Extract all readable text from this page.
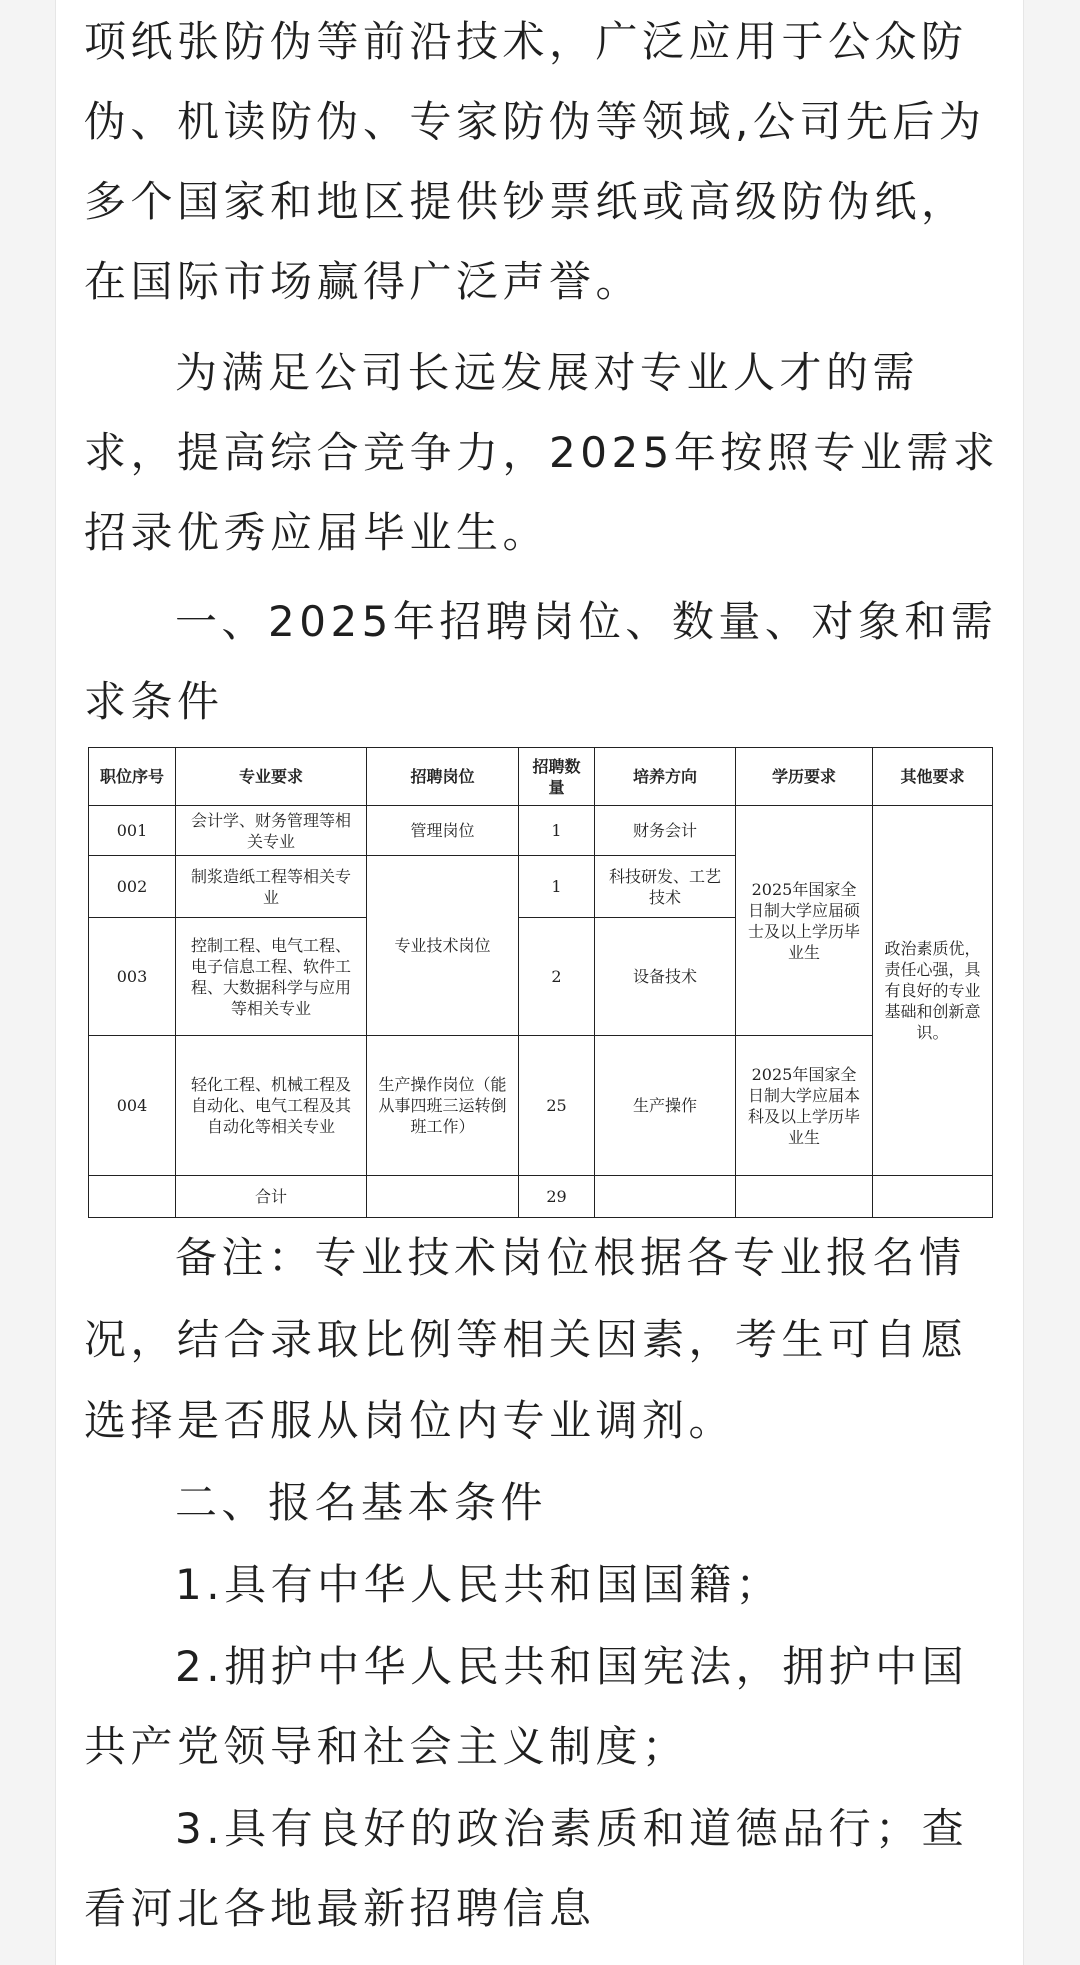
项纸张防伪等前沿技术，广泛应用于公众防

伪、机读防伪、专家防伪等领域,公司先后为

多个国家和地区提供钞票纸或高级防伪纸，

在国际市场赢得广泛声誉。

为满足公司长远发展对专业人才的需

求，提高综合竞争力，2025年按照专业需求

招录优秀应届毕业生。

一、2025年招聘岗位、数量、对象和需

求条件

职位序号	专业要求	招聘岗位	招聘数量	培养方向	学历要求	其他要求
001	会计学、财务管理等相关专业	管理岗位	1	财务会计	2025年国家全日制大学应届硕士及以上学历毕业生	政治素质优，责任心强，具有良好的专业基础和创新意识。
002	制浆造纸工程等相关专业	专业技术岗位	1	科技研发、工艺技术		
003	控制工程、电气工程、电子信息工程、软件工程、大数据科学与应用等相关专业		2	设备技术		
004	轻化工程、机械工程及自动化、电气工程及其自动化等相关专业	生产操作岗位（能从事四班三运转倒班工作）	25	生产操作	2025年国家全日制大学应届本科及以上学历毕业生	
	合计		29			

备注：专业技术岗位根据各专业报名情

况，结合录取比例等相关因素，考生可自愿

选择是否服从岗位内专业调剂。

二、报名基本条件

1.具有中华人民共和国国籍；

2.拥护中华人民共和国宪法，拥护中国

共产党领导和社会主义制度；

3.具有良好的政治素质和道德品行；查

看河北各地最新招聘信息
